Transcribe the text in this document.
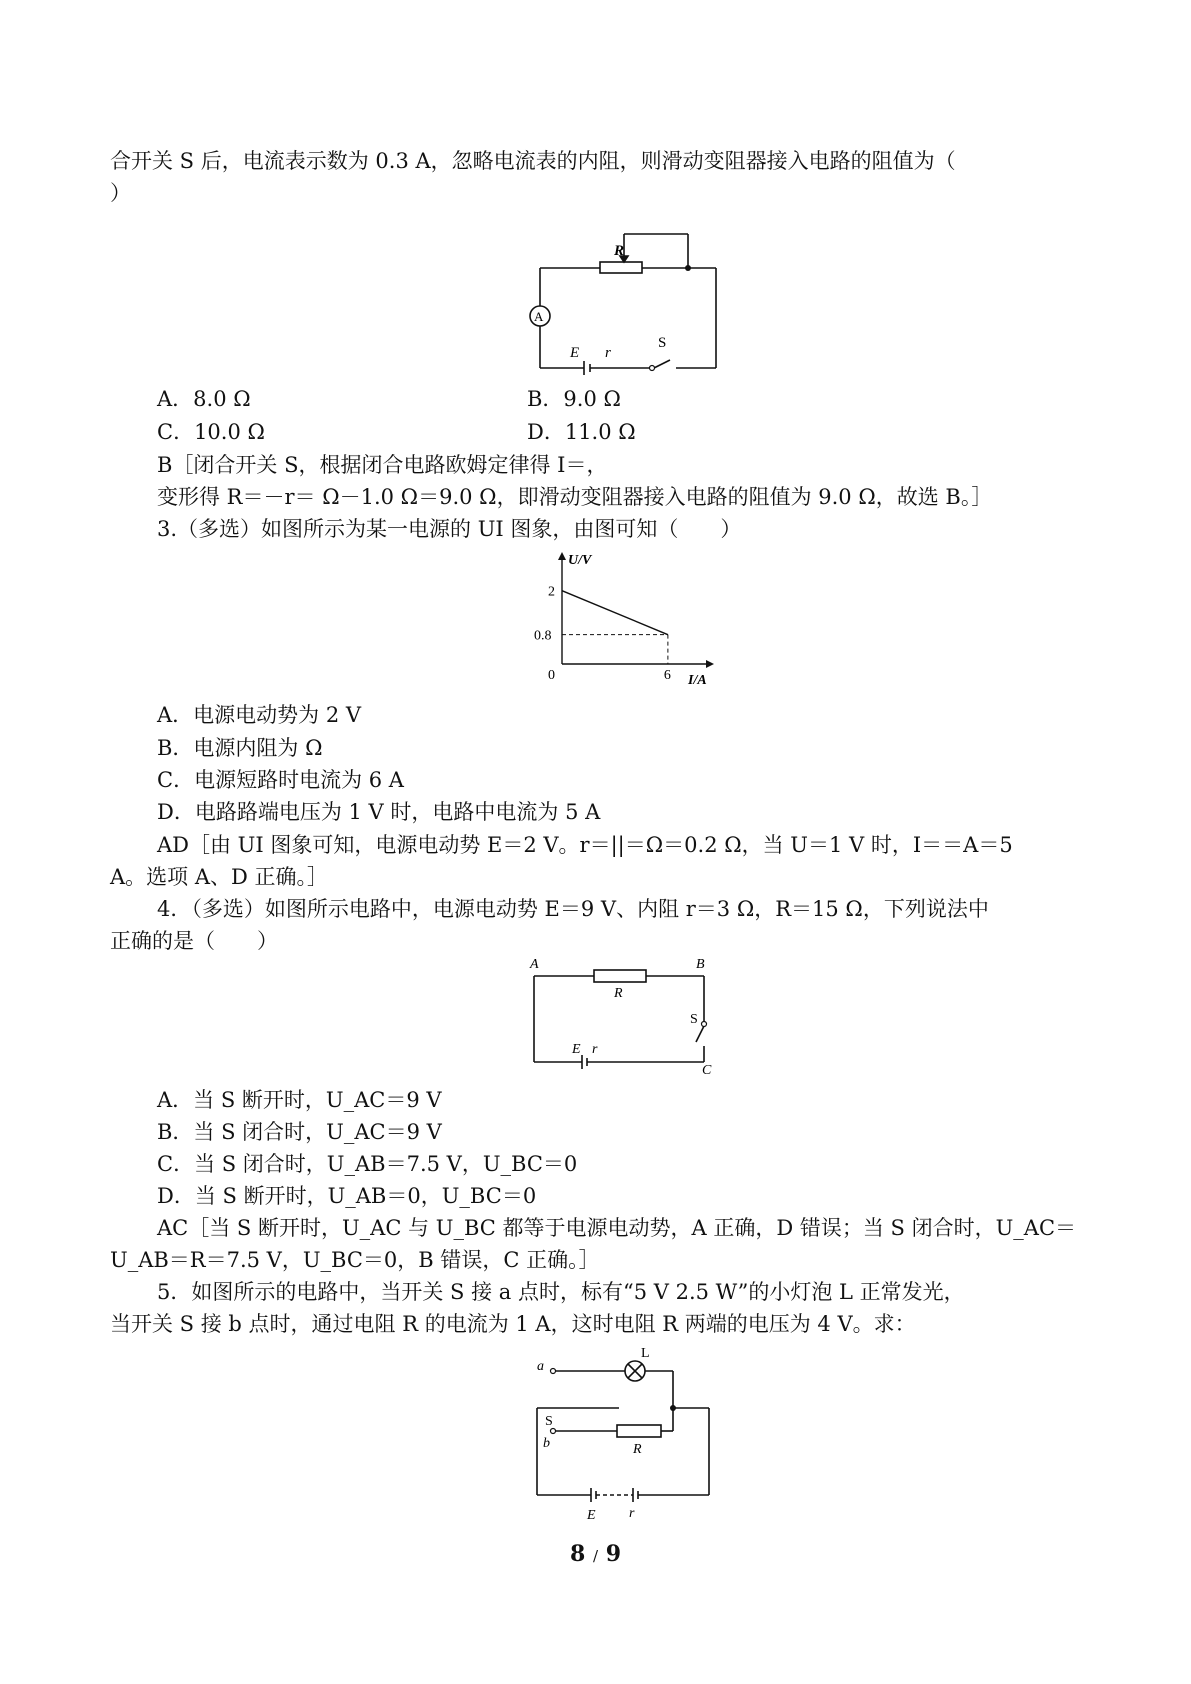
合开关 S 后，电流表示数为 0.3 A，忽略电流表的内阻，则滑动变阻器接入电路的阻值为（
）
R
A
E r
S
A．8.0 Ω	B．9.0 Ω
C．10.0 Ω	D．11.0 Ω
B［闭合开关 S，根据闭合电路欧姆定律得 I＝，
变形得 R＝－r＝ Ω－1.0 Ω＝9.0 Ω，即滑动变阻器接入电路的阻值为 9.0 Ω，故选 B。］
3.（多选）如图所示为某一电源的 UI 图象，由图可知（　　）
U/V
I/A
0
2
0.8
6
A．电源电动势为 2 V
B．电源内阻为 Ω
C．电源短路时电流为 6 A
D．电路路端电压为 1 V 时，电路中电流为 5 A
AD［由 UI 图象可知，电源电动势 E＝2 V。r＝||＝Ω＝0.2 Ω，当 U＝1 V 时，I＝＝A＝5
A。选项 A、D 正确。］
4．（多选）如图所示电路中，电源电动势 E＝9 V、内阻 r＝3 Ω，R＝15 Ω，下列说法中
正确的是（　　）
A	B
R
S
E r
C
A．当 S 断开时，U_AC＝9 V
B．当 S 闭合时，U_AC＝9 V
C．当 S 闭合时，U_AB＝7.5 V，U_BC＝0
D．当 S 断开时，U_AB＝0，U_BC＝0
AC［当 S 断开时，U_AC 与 U_BC 都等于电源电动势，A 正确，D 错误；当 S 闭合时，U_AC＝
U_AB＝R＝7.5 V，U_BC＝0，B 错误，C 正确。］
5．如图所示的电路中，当开关 S 接 a 点时，标有“5 V 2.5 W”的小灯泡 L 正常发光，
当开关 S 接 b 点时，通过电阻 R 的电流为 1 A，这时电阻 R 两端的电压为 4 V。求：
a
L
S
b	R
E r
8 / 9
